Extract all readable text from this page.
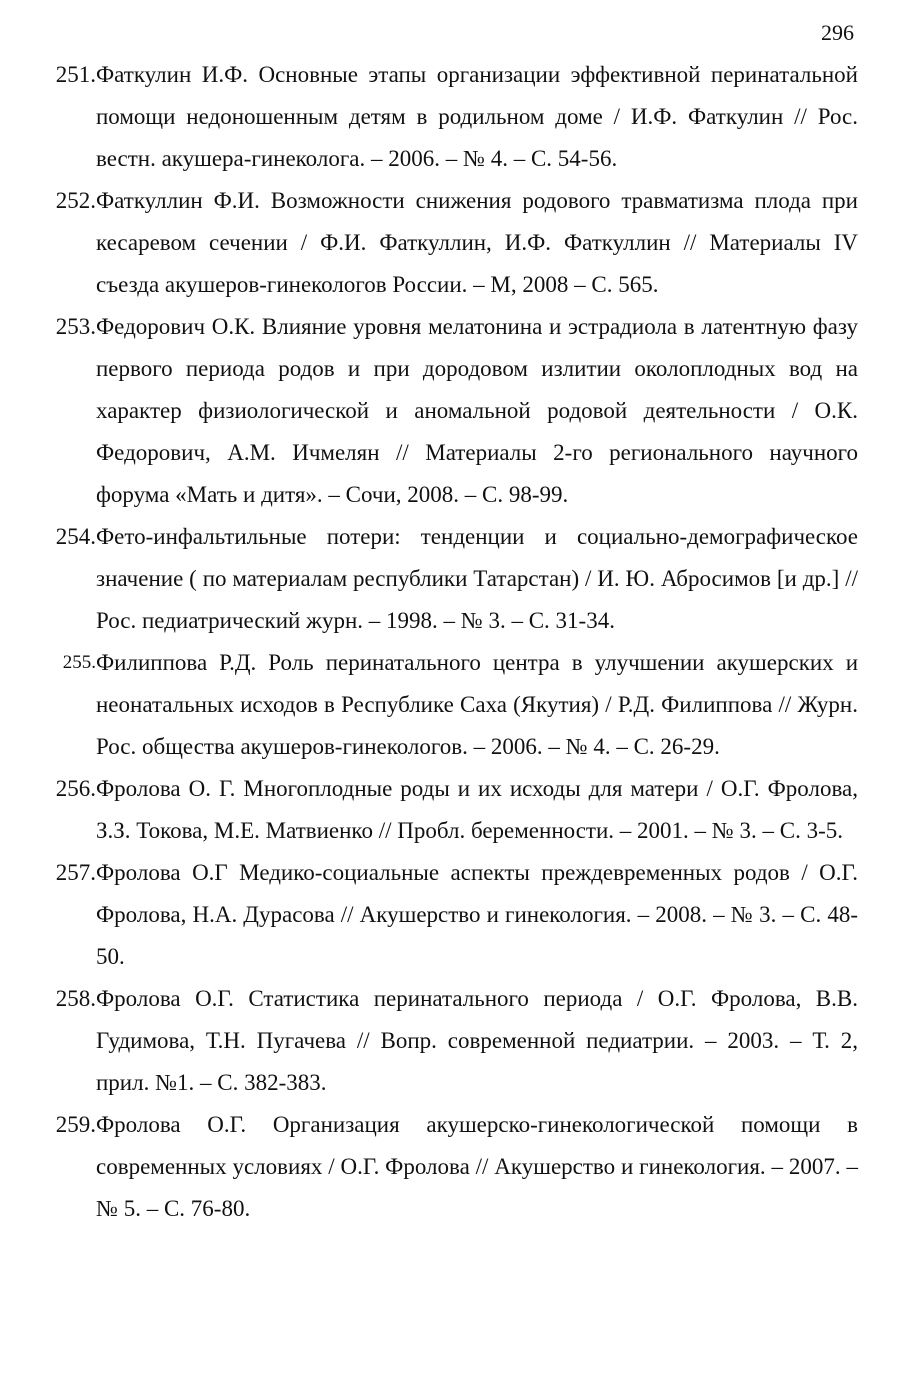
296
251. Фаткулин И.Ф. Основные этапы организации эффективной перинатальной помощи недоношенным детям в родильном доме / И.Ф. Фаткулин // Рос. вестн. акушера-гинеколога. – 2006. – № 4. – С. 54-56.
252. Фаткуллин Ф.И. Возможности снижения родового травматизма плода при кесаревом сечении / Ф.И. Фаткуллин, И.Ф. Фаткуллин // Материалы IV съезда акушеров-гинекологов России. – М, 2008 – С. 565.
253. Федорович О.К. Влияние уровня мелатонина и эстрадиола в латентную фазу первого периода родов и при дородовом излитии околоплодных вод на характер физиологической и аномальной родовой деятельности / О.К. Федорович, А.М. Ичмелян // Материалы 2-го регионального научного форума «Мать и дитя». – Сочи, 2008. – С. 98-99.
254. Фето-инфальтильные потери: тенденции и социально-демографическое значение ( по материалам республики Татарстан) / И. Ю. Абросимов [и др.] // Рос. педиатрический журн. – 1998. – № 3. – С. 31-34.
255. Филиппова Р.Д. Роль перинатального центра в улучшении акушерских и неонатальных исходов в Республике Саха (Якутия) / Р.Д. Филиппова // Журн. Рос. общества акушеров-гинекологов. – 2006. – № 4. – С. 26-29.
256. Фролова О. Г. Многоплодные роды и их исходы для матери / О.Г. Фролова, З.З. Токова, М.Е. Матвиенко // Пробл. беременности. – 2001. – № 3. – С. 3-5.
257. Фролова О.Г Медико-социальные аспекты преждевременных родов / О.Г. Фролова, Н.А. Дурасова // Акушерство и гинекология. – 2008. – № 3. – С. 48-50.
258. Фролова О.Г. Статистика перинатального периода / О.Г. Фролова, В.В. Гудимова, Т.Н. Пугачева // Вопр. современной педиатрии. – 2003. – Т. 2, прил. №1. – С. 382-383.
259. Фролова О.Г. Организация акушерско-гинекологической помощи в современных условиях / О.Г. Фролова // Акушерство и гинекология. – 2007. – № 5. – С. 76-80.
